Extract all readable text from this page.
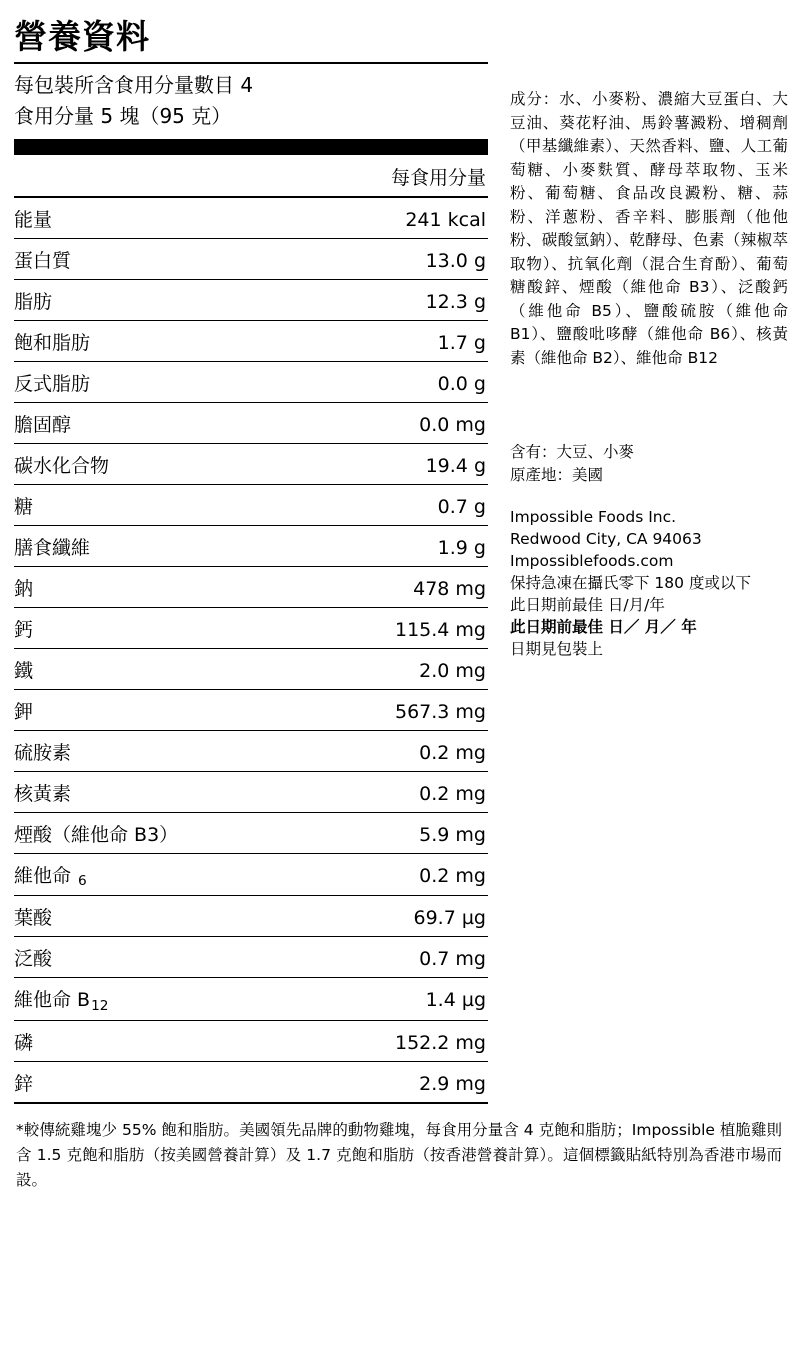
營養資料
每包裝所含食用分量數目 4
食用分量 5 塊（95 克）
每食用分量
能量	241 kcal
蛋白質	13.0 g
脂肪	12.3 g
飽和脂肪	1.7 g
反式脂肪	0.0 g
膽固醇	0.0 mg
碳水化合物	19.4 g
糖	0.7 g
膳食纖維	1.9 g
鈉	478 mg
鈣	115.4 mg
鐵	2.0 mg
鉀	567.3 mg
硫胺素	0.2 mg
核黃素	0.2 mg
煙酸（維他命 B3）	5.9 mg
維他命 $_6$	0.2 mg
葉酸	69.7 µg
泛酸	0.7 mg
維他命 $B_{12}$	1.4 µg
磷	152.2 mg
鋅	2.9 mg
成分：水、小麥粉、濃縮大豆蛋白、大豆油、葵花籽油、馬鈴薯澱粉、增稠劑（甲基纖維素）、天然香料、鹽、人工葡萄糖、小麥麩質、酵母萃取物、玉米粉、葡萄糖、食品改良澱粉、糖、蒜粉、洋蔥粉、香辛料、膨脹劑（他他粉、碳酸氫鈉）、乾酵母、色素（辣椒萃取物）、抗氧化劑（混合生育酚）、葡萄糖酸鋅、煙酸（維他命 B3）、泛酸鈣（維他命 B5）、鹽酸硫胺（維他命 B1）、鹽酸吡哆酵（維他命 B6）、核黃素（維他命 B2）、維他命 B12
含有：大豆、小麥
原產地：美國
Impossible Foods Inc.
Redwood City, CA 94063
Impossiblefoods.com
保持急凍在攝氏零下 180 度或以下
此日期前最佳 日/月/年
此日期前最佳 日／ 月／ 年
日期見包裝上
*較傳統雞塊少 55% 飽和脂肪。美國領先品牌的動物雞塊，每食用分量含 4 克飽和脂肪；Impossible 植脆雞則含 1.5 克飽和脂肪（按美國營養計算）及 1.7 克飽和脂肪（按香港營養計算）。這個標籤貼紙特別為香港市場而設。
